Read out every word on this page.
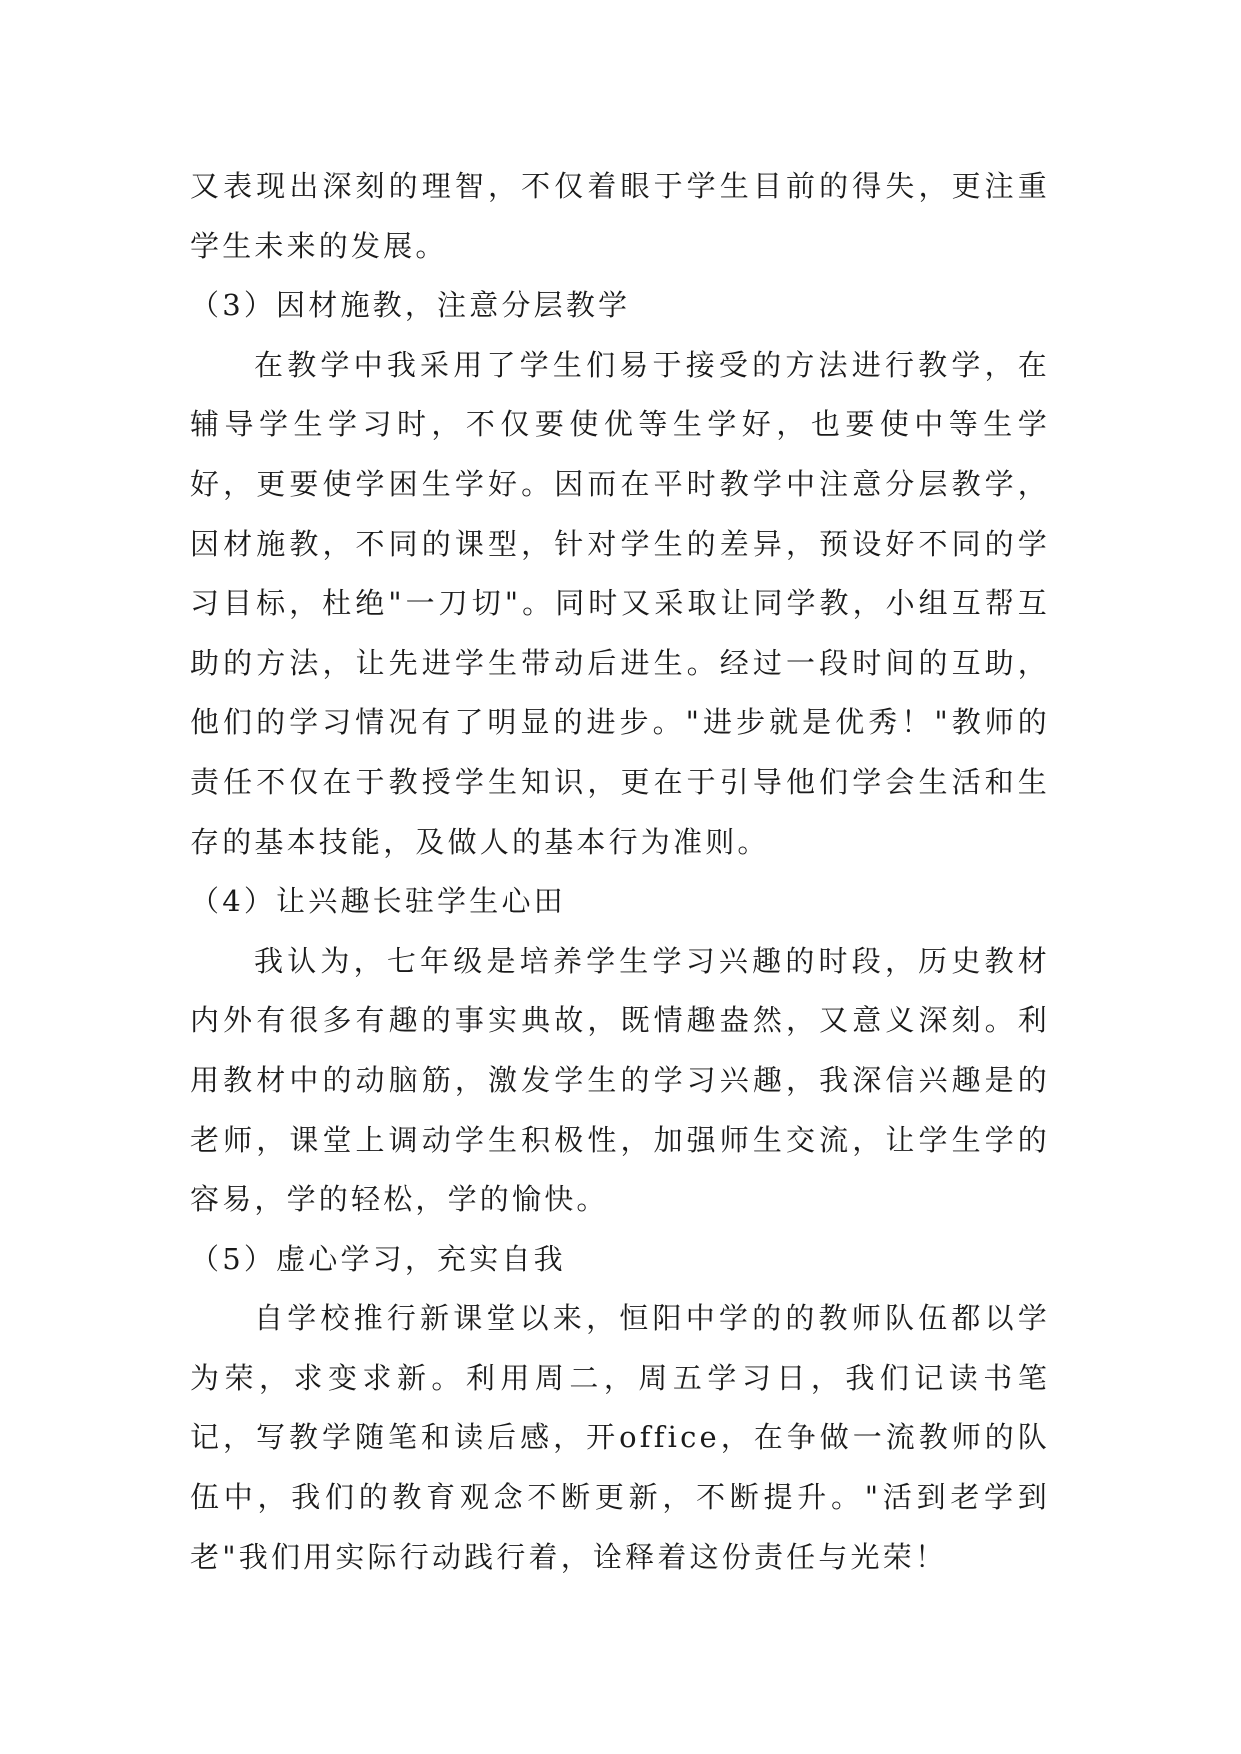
又表现出深刻的理智，不仅着眼于学生目前的得失，更注重学生未来的发展。

（3）因材施教，注意分层教学

在教学中我采用了学生们易于接受的方法进行教学，在辅导学生学习时，不仅要使优等生学好，也要使中等生学好，更要使学困生学好。因而在平时教学中注意分层教学，因材施教，不同的课型，针对学生的差异，预设好不同的学习目标，杜绝"一刀切"。同时又采取让同学教，小组互帮互助的方法，让先进学生带动后进生。经过一段时间的互助，他们的学习情况有了明显的进步。"进步就是优秀！"教师的责任不仅在于教授学生知识，更在于引导他们学会生活和生存的基本技能，及做人的基本行为准则。

（4）让兴趣长驻学生心田

我认为，七年级是培养学生学习兴趣的时段，历史教材内外有很多有趣的事实典故，既情趣盎然，又意义深刻。利用教材中的动脑筋，激发学生的学习兴趣，我深信兴趣是的老师，课堂上调动学生积极性，加强师生交流，让学生学的容易，学的轻松，学的愉快。

（5）虚心学习，充实自我

自学校推行新课堂以来，恒阳中学的的教师队伍都以学为荣，求变求新。利用周二，周五学习日，我们记读书笔记，写教学随笔和读后感，开office，在争做一流教师的队伍中，我们的教育观念不断更新，不断提升。"活到老学到老"我们用实际行动践行着，诠释着这份责任与光荣！
